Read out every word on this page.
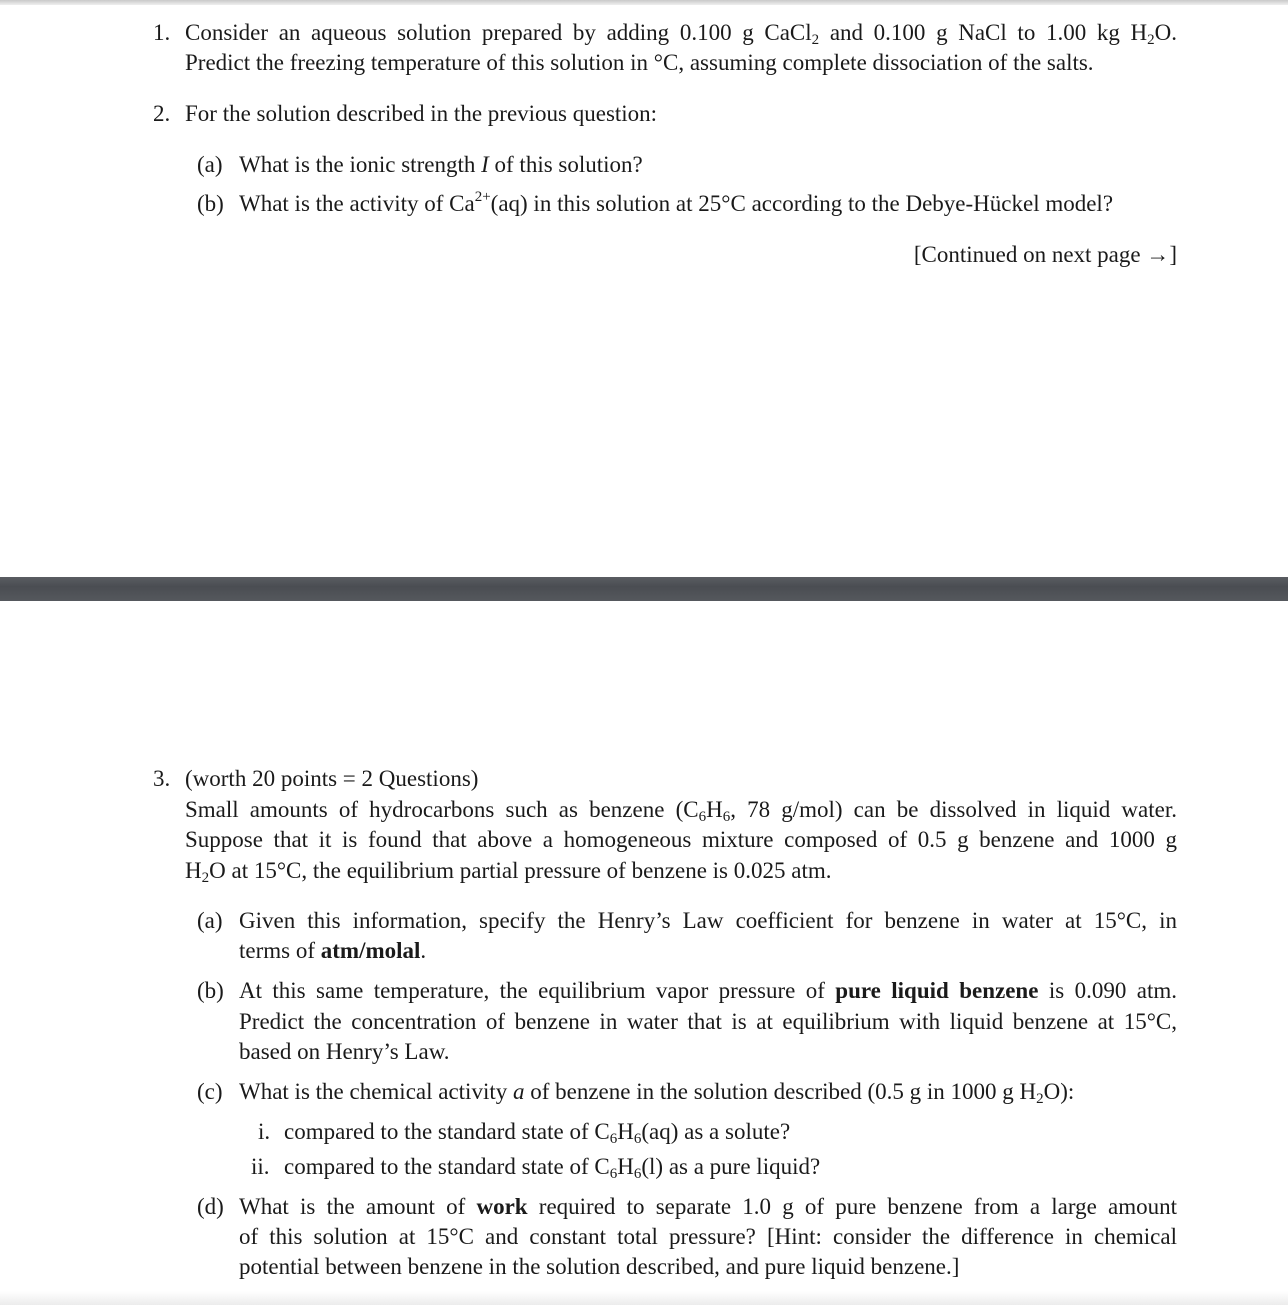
1. Consider an aqueous solution prepared by adding 0.100 g CaCl$_2$ and 0.100 g NaCl to 1.00 kg $H_2O$.
Predict the freezing temperature of this solution in °C, assuming complete dissociation of the salts.
2. For the solution described in the previous question:
(a) What is the ionic strength I of this solution?
(b) What is the activity of $Ca^{2+}(aq)$ in this solution at 25°C according to the Debye-Hückel model?
[Continued on next page →]
3. (worth 20 points = 2 Questions)
Small amounts of hydrocarbons such as benzene ($C_6H_6$, 78 g/mol) can be dissolved in liquid water.
Suppose that it is found that above a homogeneous mixture composed of 0.5 g benzene and 1000 g
$H_2O$ at 15°C, the equilibrium partial pressure of benzene is 0.025 atm.
(a) Given this information, specify the Henry’s Law coefficient for benzene in water at 15°C, in
terms of atm/molal.
(b) At this same temperature, the equilibrium vapor pressure of pure liquid benzene is 0.090 atm.
Predict the concentration of benzene in water that is at equilibrium with liquid benzene at 15°C,
based on Henry’s Law.
(c) What is the chemical activity a of benzene in the solution described (0.5 g in 1000 g $H_2O$):
i. compared to the standard state of $C_6H_6(aq)$ as a solute?
ii. compared to the standard state of $C_6H_6(l)$ as a pure liquid?
(d) What is the amount of work required to separate 1.0 g of pure benzene from a large amount
of this solution at 15°C and constant total pressure? [Hint: consider the difference in chemical
potential between benzene in the solution described, and pure liquid benzene.]
